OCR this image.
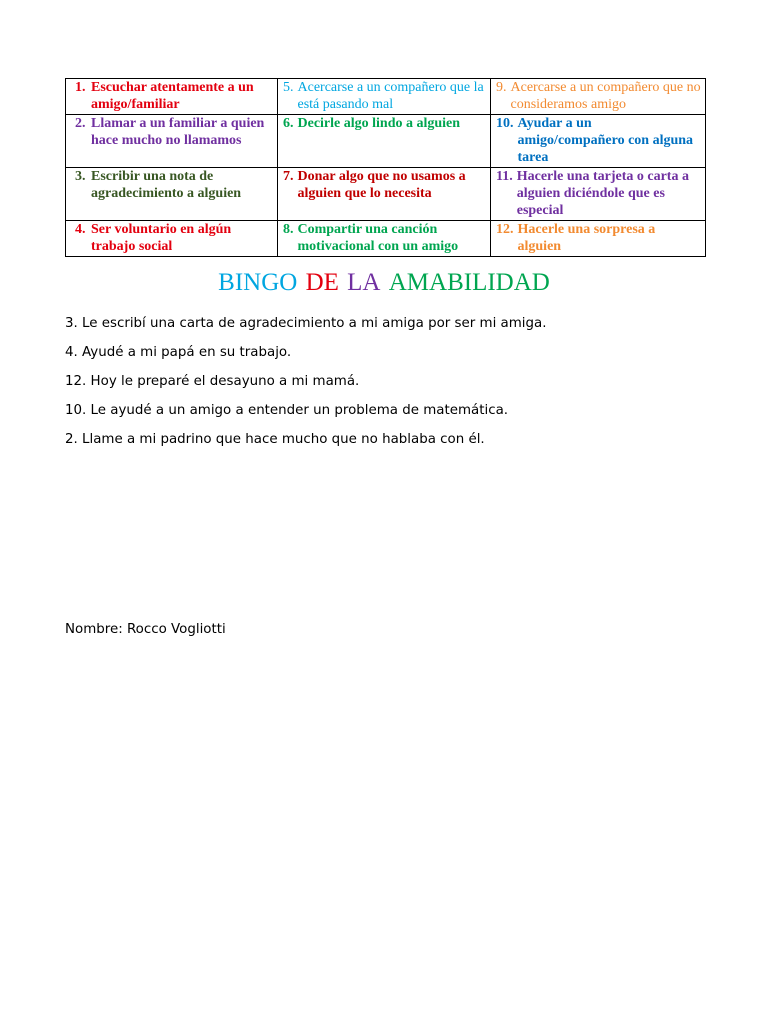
1. Escuchar atentamente a un amigo/familiar	5. Acercarse a un compañero que la está pasando mal	9. Acercarse a un compañero que no consideramos amigo

2. Llamar a un familiar a quien hace mucho no llamamos	6. Decirle algo lindo a alguien	10. Ayudar a un amigo/compañero con alguna tarea

3. Escribir una nota de agradecimiento a alguien	7. Donar algo que no usamos a alguien que lo necesita	11. Hacerle una tarjeta o carta a alguien diciéndole que es especial

4. Ser voluntario en algún trabajo social	8. Compartir una canción motivacional con un amigo	12. Hacerle una sorpresa a alguien
BINGO DE LA AMABILIDAD

3. Le escribí una carta de agradecimiento a mi amiga por ser mi amiga.

4. Ayudé a mi papá en su trabajo.

12. Hoy le preparé el desayuno a mi mamá.

10. Le ayudé a un amigo a entender un problema de matemática.

2. Llame a mi padrino que hace mucho que no hablaba con él.

Nombre: Rocco Vogliotti
